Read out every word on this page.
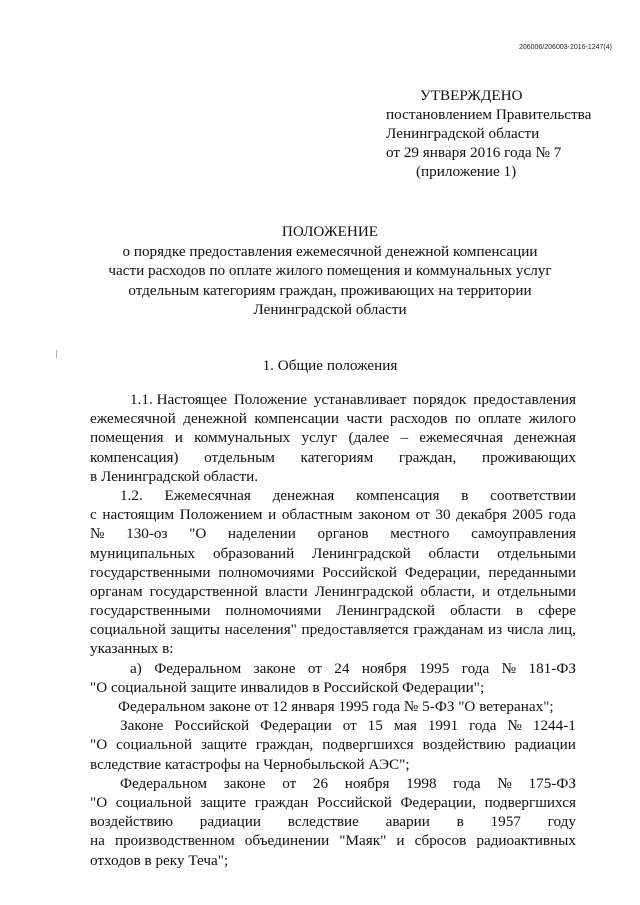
206006/206003-2016-1247(4)
УТВЕРЖДЕНО
постановлением Правительства
Ленинградской области
от 29 января 2016 года № 7
(приложение 1)
ПОЛОЖЕНИЕ
о порядке предоставления ежемесячной денежной компенсации
части расходов по оплате жилого помещения и коммунальных услуг
отдельным категориям граждан, проживающих на территории
Ленинградской области
1. Общие положения
1.1. Настоящее Положение устанавливает порядок предоставления
ежемесячной денежной компенсации части расходов по оплате жилого
помещения и коммунальных услуг (далее – ежемесячная денежная
компенсация) отдельным категориям граждан, проживающих
в Ленинградской области.
1.2. Ежемесячная денежная компенсация в соответствии
с настоящим Положением и областным законом от 30 декабря 2005 года
№ 130-оз "О наделении органов местного самоуправления
муниципальных образований Ленинградской области отдельными
государственными полномочиями Российской Федерации, переданными
органам государственной власти Ленинградской области, и отдельными
государственными полномочиями Ленинградской области в сфере
социальной защиты населения" предоставляется гражданам из числа лиц,
указанных в:
а) Федеральном законе от 24 ноября 1995 года № 181-ФЗ
"О социальной защите инвалидов в Российской Федерации";
Федеральном законе от 12 января 1995 года № 5-ФЗ "О ветеранах";
Законе Российской Федерации от 15 мая 1991 года № 1244-1
"О социальной защите граждан, подвергшихся воздействию радиации
вследствие катастрофы на Чернобыльской АЭС";
Федеральном законе от 26 ноября 1998 года № 175-ФЗ
"О социальной защите граждан Российской Федерации, подвергшихся
воздействию радиации вследствие аварии в 1957 году
на производственном объединении "Маяк" и сбросов радиоактивных
отходов в реку Теча";
